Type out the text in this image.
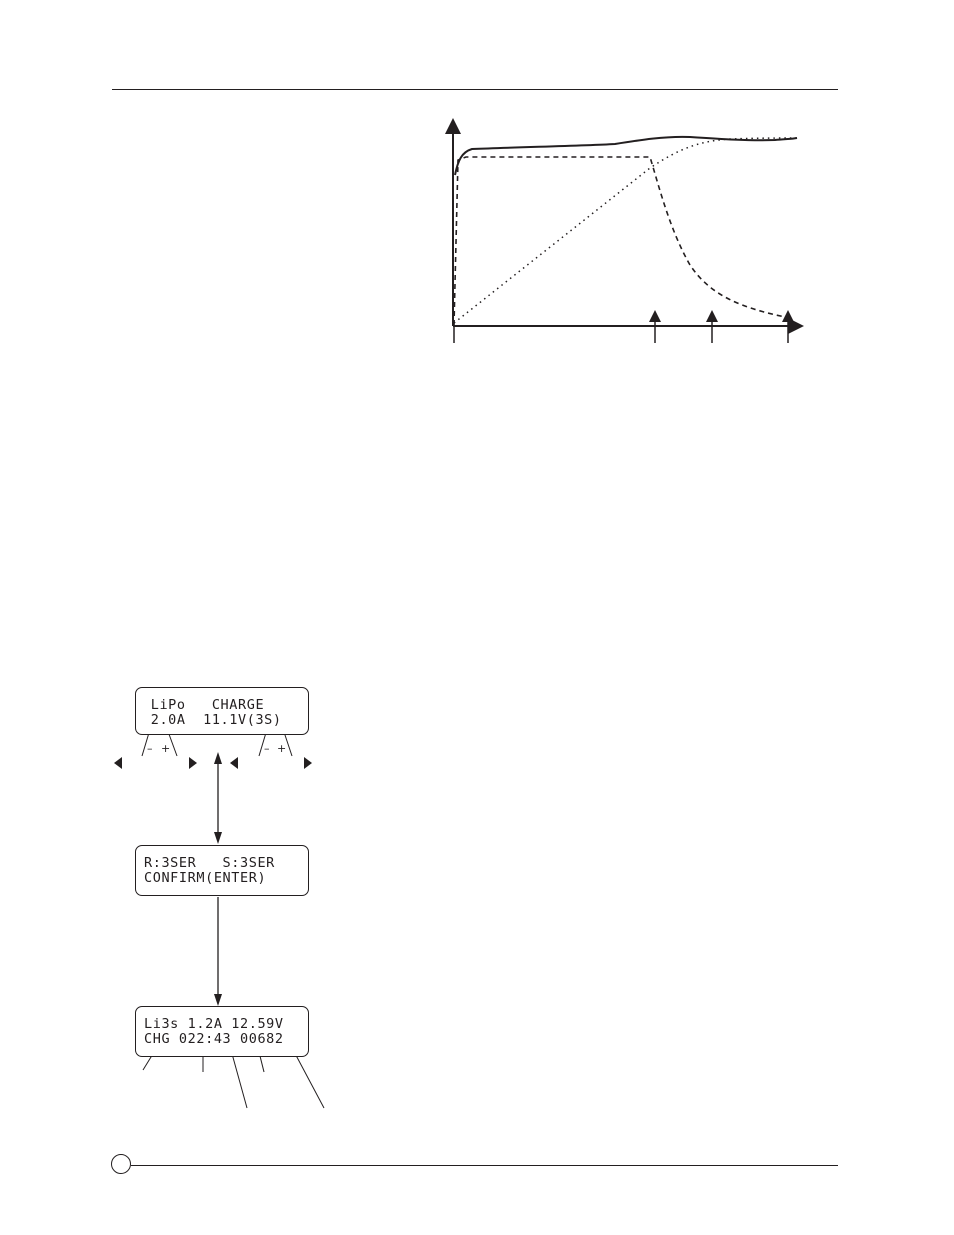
LiPo   CHARGE
2.0A  11.1V(3S)
– +	– +
R:3SER   S:3SER
CONFIRM(ENTER)
Li3s 1.2A 12.59V
CHG 022:43 00682
